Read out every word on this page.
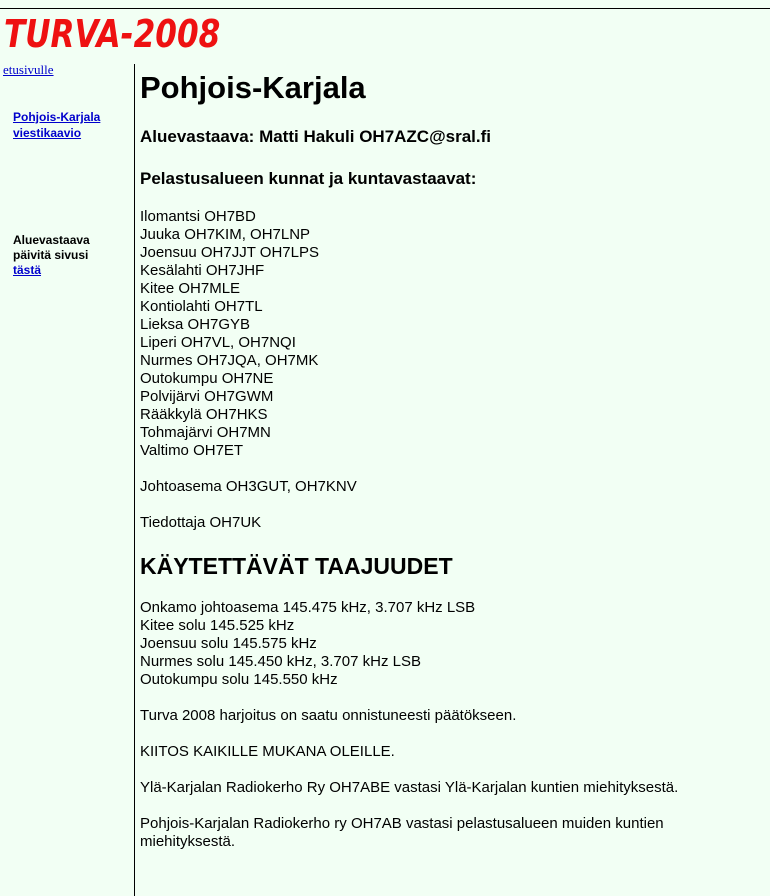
TURVA-2008
etusivulle
Pohjois-Karjala
viestikaavio
Aluevastaava
päivitä sivusi
tästä
Pohjois-Karjala
Aluevastaava: Matti Hakuli OH7AZC@sral.fi
Pelastusalueen kunnat ja kuntavastaavat:
Ilomantsi OH7BD
Juuka OH7KIM, OH7LNP
Joensuu OH7JJT OH7LPS
Kesälahti OH7JHF
Kitee OH7MLE
Kontiolahti OH7TL
Lieksa OH7GYB
Liperi OH7VL, OH7NQI
Nurmes OH7JQA, OH7MK
Outokumpu OH7NE
Polvijärvi OH7GWM
Rääkkylä OH7HKS
Tohmajärvi OH7MN
Valtimo OH7ET

Johtoasema OH3GUT, OH7KNV

Tiedottaja OH7UK

KÄYTETTÄVÄT TAAJUUDET
Onkamo johtoasema 145.475 kHz, 3.707 kHz LSB
Kitee solu 145.525 kHz
Joensuu solu 145.575 kHz
Nurmes solu 145.450 kHz, 3.707 kHz LSB
Outokumpu solu 145.550 kHz

Turva 2008 harjoitus on saatu onnistuneesti päätökseen.

KIITOS KAIKILLE MUKANA OLEILLE.

Ylä-Karjalan Radiokerho Ry OH7ABE vastasi Ylä-Karjalan kuntien miehityksestä.

Pohjois-Karjalan Radiokerho ry OH7AB vastasi pelastusalueen muiden kuntien miehityksestä.
